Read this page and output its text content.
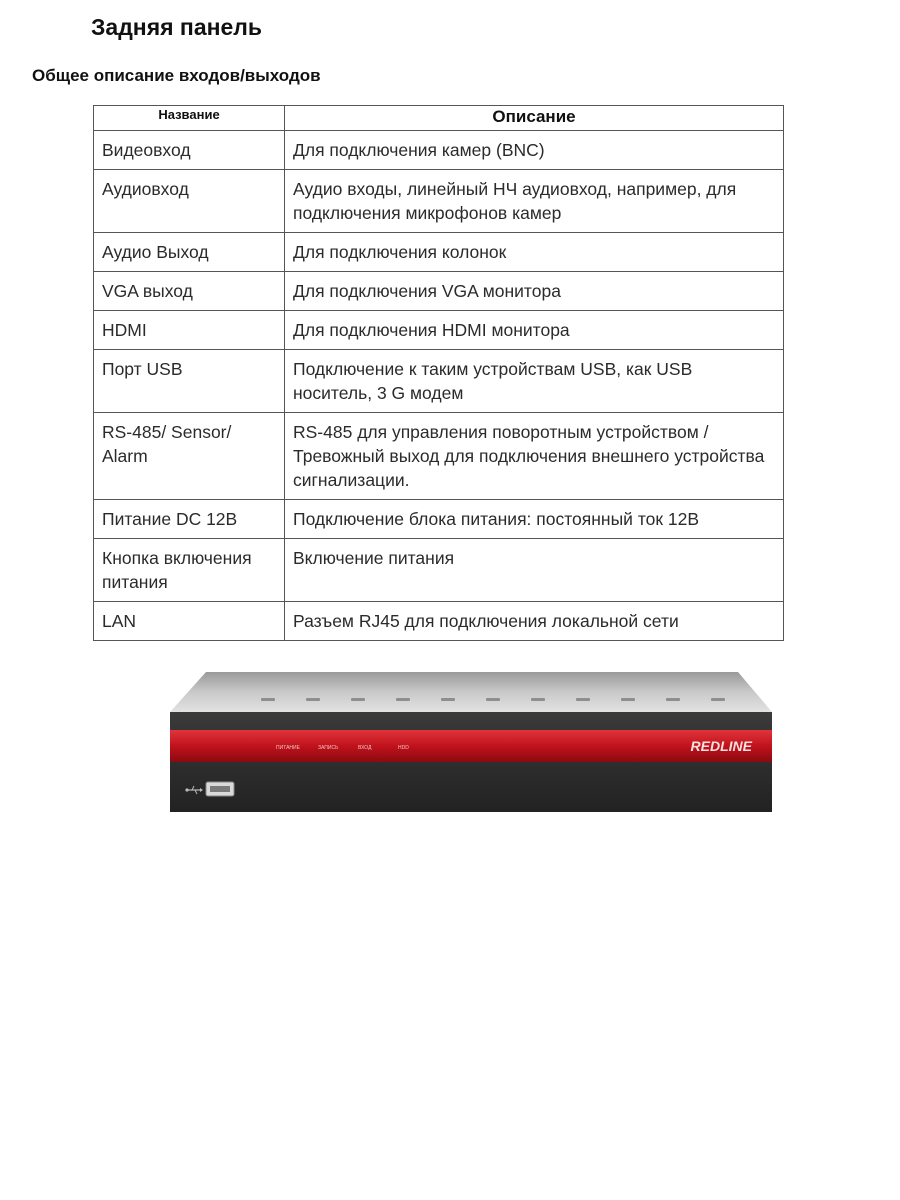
Задняя панель
Общее описание входов/выходов
Название	Описание
Видеовход	Для подключения камер (BNC)
Аудиовход	Аудио входы, линейный НЧ аудиовход, например, для подключения микрофонов камер
Аудио Выход	Для подключения колонок
VGA выход	Для подключения VGA монитора
HDMI	Для подключения HDMI монитора
Порт USB	Подключение к таким устройствам USB, как USB носитель, 3 G модем
RS-485/ Sensor/ Alarm	RS-485 для управления поворотным устройством /Тревожный выход для подключения внешнего устройства сигнализации.
Питание DC 12В	Подключение блока питания: постоянный ток 12В
Кнопка включения питания	Включение питания
LAN	Разъем RJ45 для подключения локальной сети
ПИТАНИЕ	ЗАПИСЬ	ВХОД	HDD	REDLINE
